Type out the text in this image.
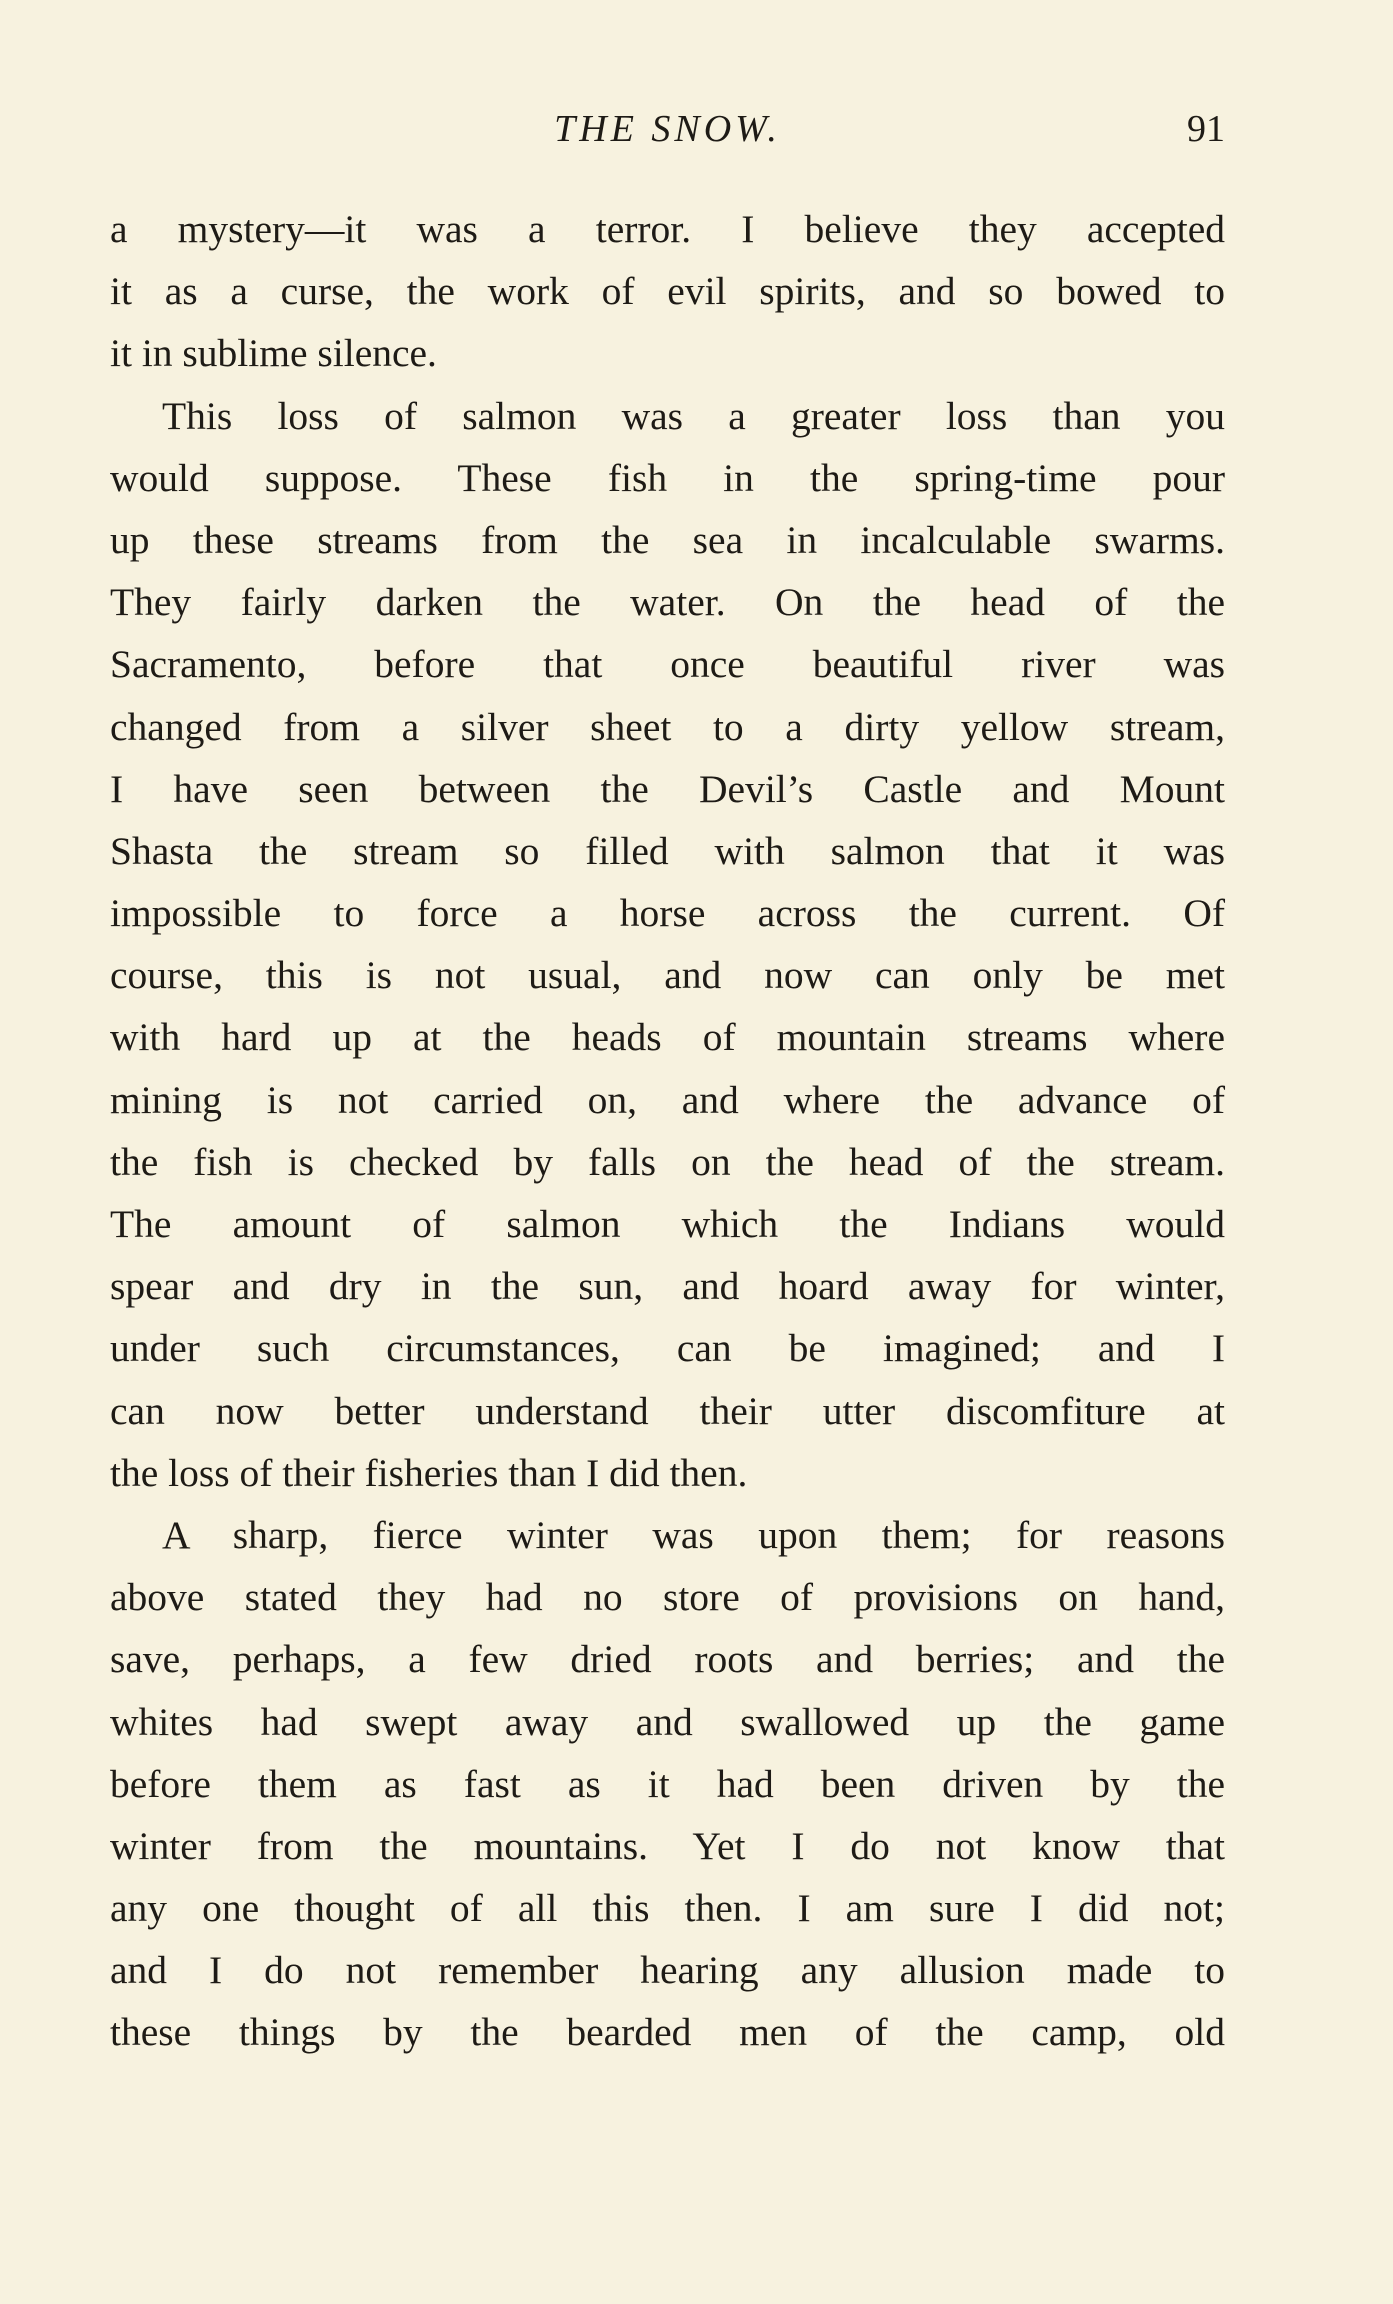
THE SNOW.	91

a mystery—it was a terror. I believe they accepted
it as a curse, the work of evil spirits, and so bowed to
it in sublime silence.

This loss of salmon was a greater loss than you
would suppose. These fish in the spring-time pour
up these streams from the sea in incalculable swarms.
They fairly darken the water. On the head of the
Sacramento, before that once beautiful river was
changed from a silver sheet to a dirty yellow stream,
I have seen between the Devil’s Castle and Mount
Shasta the stream so filled with salmon that it was
impossible to force a horse across the current. Of
course, this is not usual, and now can only be met
with hard up at the heads of mountain streams where
mining is not carried on, and where the advance of
the fish is checked by falls on the head of the stream.
The amount of salmon which the Indians would
spear and dry in the sun, and hoard away for winter,
under such circumstances, can be imagined; and I
can now better understand their utter discomfiture at
the loss of their fisheries than I did then.

A sharp, fierce winter was upon them; for reasons
above stated they had no store of provisions on hand,
save, perhaps, a few dried roots and berries; and the
whites had swept away and swallowed up the game
before them as fast as it had been driven by the
winter from the mountains. Yet I do not know that
any one thought of all this then. I am sure I did not;
and I do not remember hearing any allusion made to
these things by the bearded men of the camp, old
